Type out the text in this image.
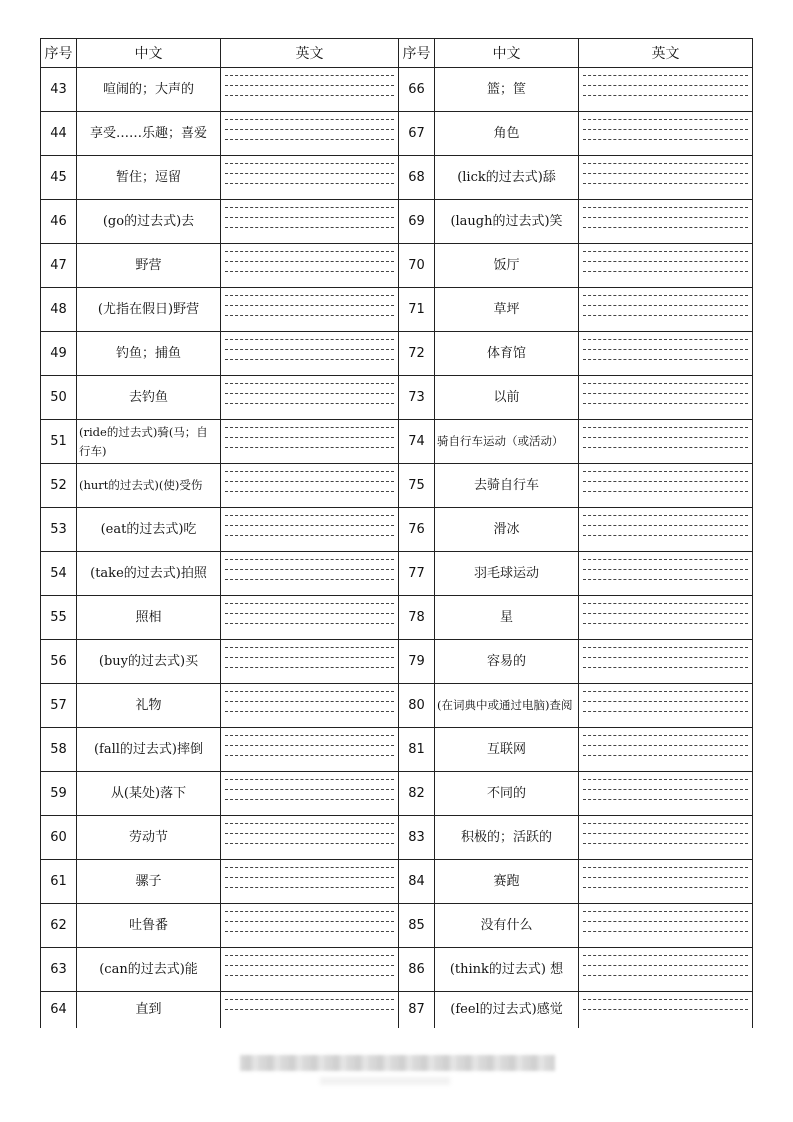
序号	中文	英文	序号	中文	英文
43	喧闹的；大声的		66	篮；筐	

44	享受……乐趣；喜爱		67	角色	

45	暂住；逗留		68	(lick的过去式)舔	

46	(go的过去式)去		69	(laugh的过去式)笑	

47	野营		70	饭厅	

48	(尤指在假日)野营		71	草坪	

49	钓鱼；捕鱼		72	体育馆	

50	去钓鱼		73	以前	

51	(ride的过去式)骑(马；自行车)		74	骑自行车运动（或活动）	

52	(hurt的过去式)(使)受伤		75	去骑自行车	

53	(eat的过去式)吃		76	滑冰	

54	(take的过去式)拍照		77	羽毛球运动	

55	照相		78	星	

56	(buy的过去式)买		79	容易的	

57	礼物		80	(在词典中或通过电脑)查阅	

58	(fall的过去式)摔倒		81	互联网	

59	从(某处)落下		82	不同的	

60	劳动节		83	积极的；活跃的	

61	骡子		84	赛跑	

62	吐鲁番		85	没有什么	

63	(can的过去式)能		86	(think的过去式) 想	

64	直到		87	(feel的过去式)感觉	
